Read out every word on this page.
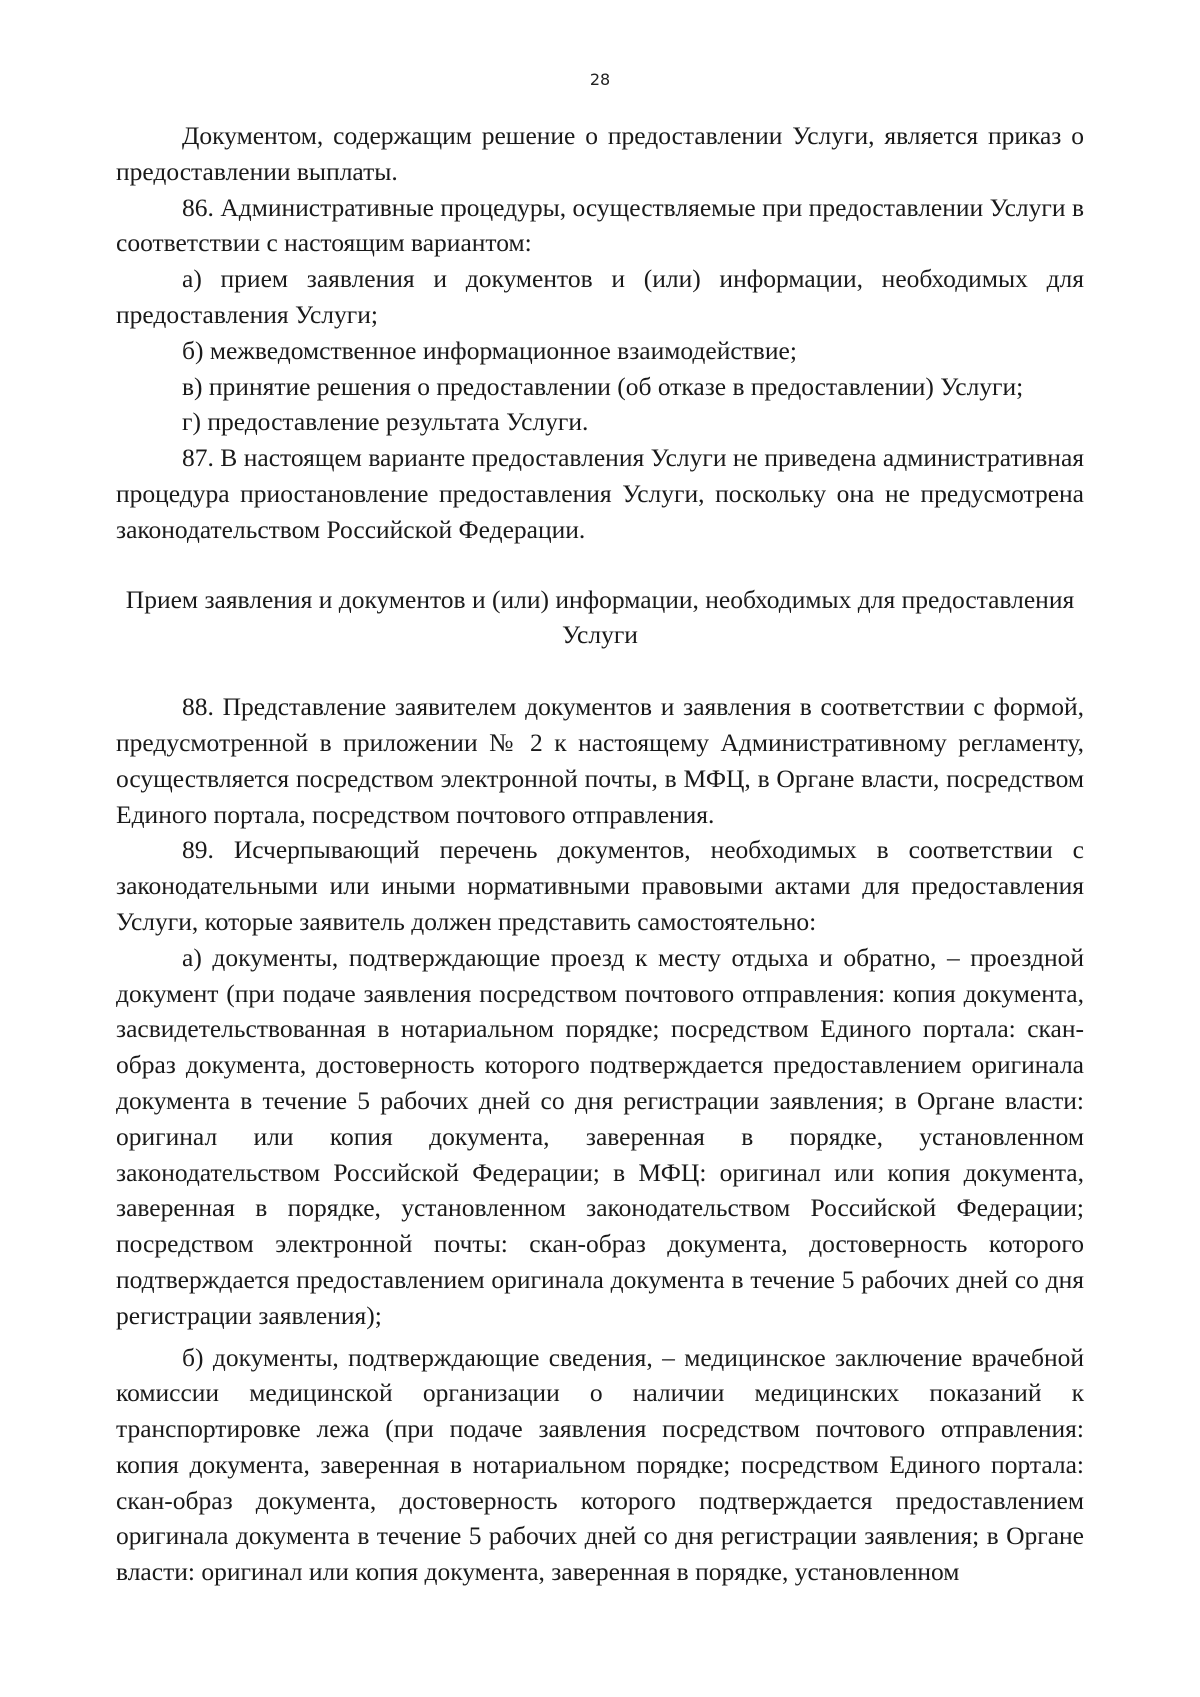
28

Документом, содержащим решение о предоставлении Услуги, является приказ о предоставлении выплаты.

86. Административные процедуры, осуществляемые при предоставлении Услуги в соответствии с настоящим вариантом:

а) прием заявления и документов и (или) информации, необходимых для предоставления Услуги;

б) межведомственное информационное взаимодействие;

в) принятие решения о предоставлении (об отказе в предоставлении) Услуги;

г) предоставление результата Услуги.

87. В настоящем варианте предоставления Услуги не приведена административная процедура приостановление предоставления Услуги, поскольку она не предусмотрена законодательством Российской Федерации.

Прием заявления и документов и (или) информации, необходимых для предоставления Услуги

88. Представление заявителем документов и заявления в соответствии с формой, предусмотренной в приложении № 2 к настоящему Административному регламенту, осуществляется посредством электронной почты, в МФЦ, в Органе власти, посредством Единого портала, посредством почтового отправления.

89. Исчерпывающий перечень документов, необходимых в соответствии с законодательными или иными нормативными правовыми актами для предоставления Услуги, которые заявитель должен представить самостоятельно:

а) документы, подтверждающие проезд к месту отдыха и обратно, – проездной документ (при подаче заявления посредством почтового отправления: копия документа, засвидетельствованная в нотариальном порядке; посредством Единого портала: скан-образ документа, достоверность которого подтверждается предоставлением оригинала документа в течение 5 рабочих дней со дня регистрации заявления; в Органе власти: оригинал или копия документа, заверенная в порядке, установленном законодательством Российской Федерации; в МФЦ: оригинал или копия документа, заверенная в порядке, установленном законодательством Российской Федерации; посредством электронной почты: скан-образ документа, достоверность которого подтверждается предоставлением оригинала документа в течение 5 рабочих дней со дня регистрации заявления);

б) документы, подтверждающие сведения, – медицинское заключение врачебной комиссии медицинской организации о наличии медицинских показаний к транспортировке лежа (при подаче заявления посредством почтового отправления: копия документа, заверенная в нотариальном порядке; посредством Единого портала: скан-образ документа, достоверность которого подтверждается предоставлением оригинала документа в течение 5 рабочих дней со дня регистрации заявления; в Органе власти: оригинал или копия документа, заверенная в порядке, установленном
